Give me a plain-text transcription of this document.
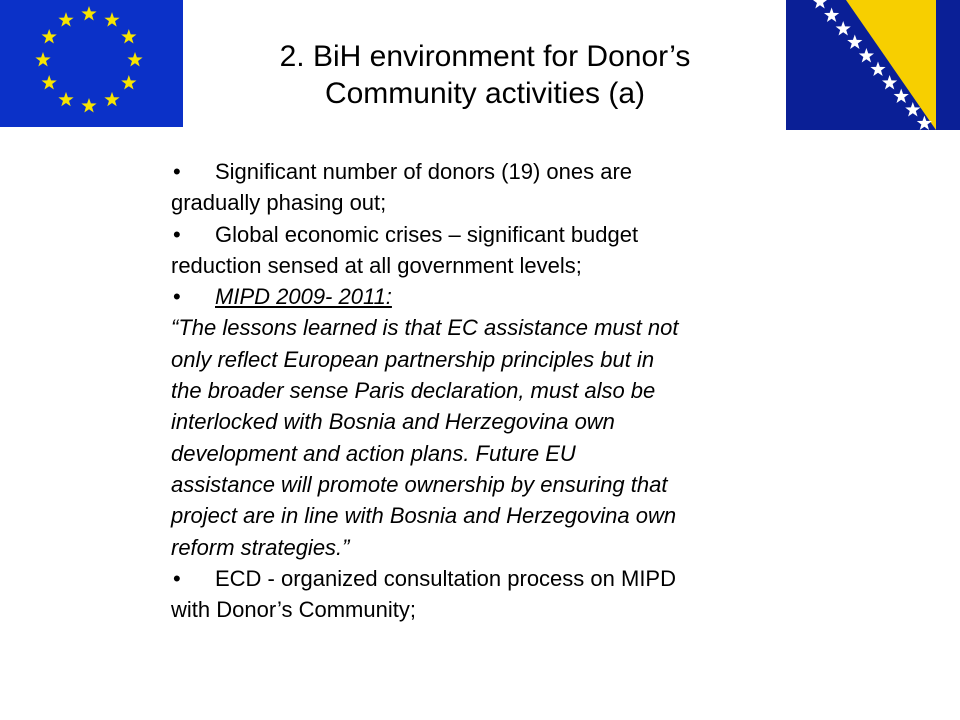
2. BiH environment for Donor’s
Community activities (a)
• Significant number of donors (19) ones are
gradually phasing out;
• Global economic crises – significant budget
reduction sensed at all government levels;
• MIPD 2009- 2011:
“The lessons learned is that EC assistance must not
only reflect European partnership principles but in
the broader sense Paris declaration, must also be
interlocked with Bosnia and Herzegovina own
development and action plans. Future EU
assistance will promote ownership by ensuring that
project are in line with Bosnia and Herzegovina own
reform strategies.”
• ECD - organized consultation process on MIPD
with Donor’s Community;
